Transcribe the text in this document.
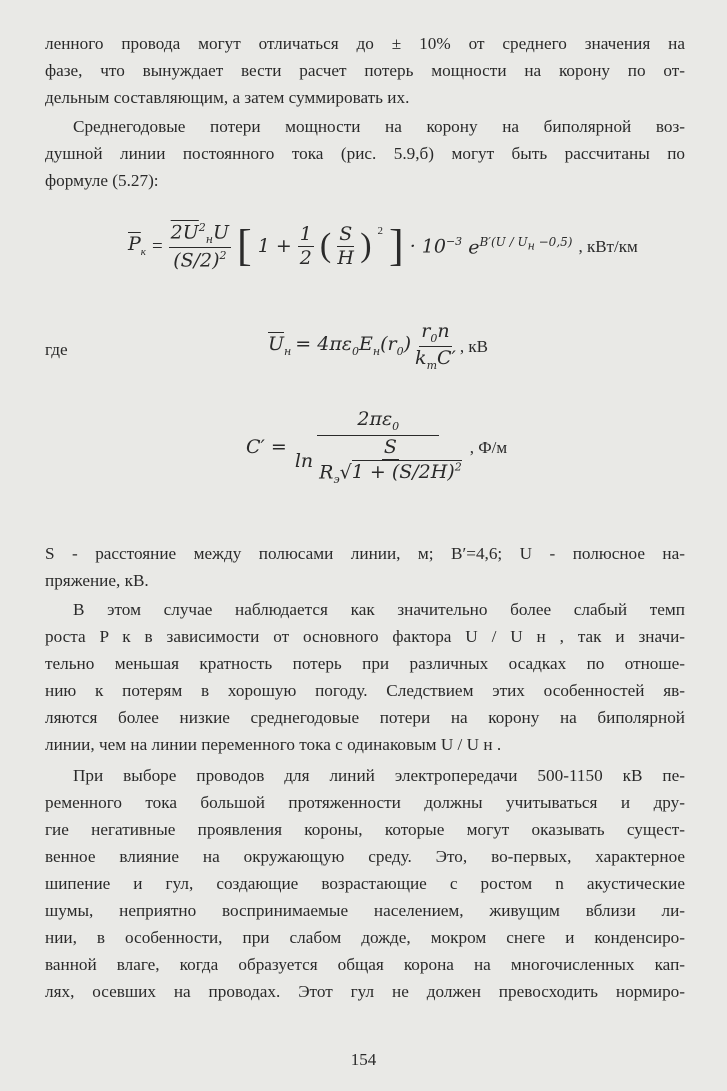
ленного провода могут отличаться до ± 10% от среднего значения на
фазе, что вынуждает вести расчет потерь мощности на корону по от-
дельным составляющим, а затем суммировать их.

Среднегодовые потери мощности на корону на биполярной воз-
душной линии постоянного тока (рис. 5.9,б) могут быть рассчитаны по
формуле (5.27):

$\overline{P}_к = \frac{2U^2_нU}{(S/2)^2}$ [ $1 + \frac{1}{2}$ ( $\frac{S}{H}$ ) $^2$ ] · $10^{-3}$ $e^{B'(U / U_н -0,5)}$ , кВт/км
где	$\overline{U}_н = 4\pi\varepsilon_0E_н(r_0) \frac{r_0n}{k_mC'}$ , кВ
$C' = \frac{2\pi\varepsilon_0}{\ln \frac{S}{R_э√1 + (S/2H)^2}}$ , Ф/м

S - расстояние между полюсами линии, м; B′=4,6; U - полюсное на-
пряжение, кВ.

В этом случае наблюдается как значительно более слабый темп
роста P к в зависимости от основного фактора U / U н , так и значи-
тельно меньшая кратность потерь при различных осадках по отноше-
нию к потерям в хорошую погоду. Следствием этих особенностей яв-
ляются более низкие среднегодовые потери на корону на биполярной
линии, чем на линии переменного тока с одинаковым U / U н .

При выборе проводов для линий электропередачи 500-1150 кВ пе-
ременного тока большой протяженности должны учитываться и дру-
гие негативные проявления короны, которые могут оказывать сущест-
венное влияние на окружающую среду. Это, во-первых, характерное
шипение и гул, создающие возрастающие с ростом n акустические
шумы, неприятно воспринимаемые населением, живущим вблизи ли-
нии, в особенности, при слабом дожде, мокром снеге и конденсиро-
ванной влаге, когда образуется общая корона на многочисленных кап-
лях, осевших на проводах. Этот гул не должен превосходить нормиро-

154
